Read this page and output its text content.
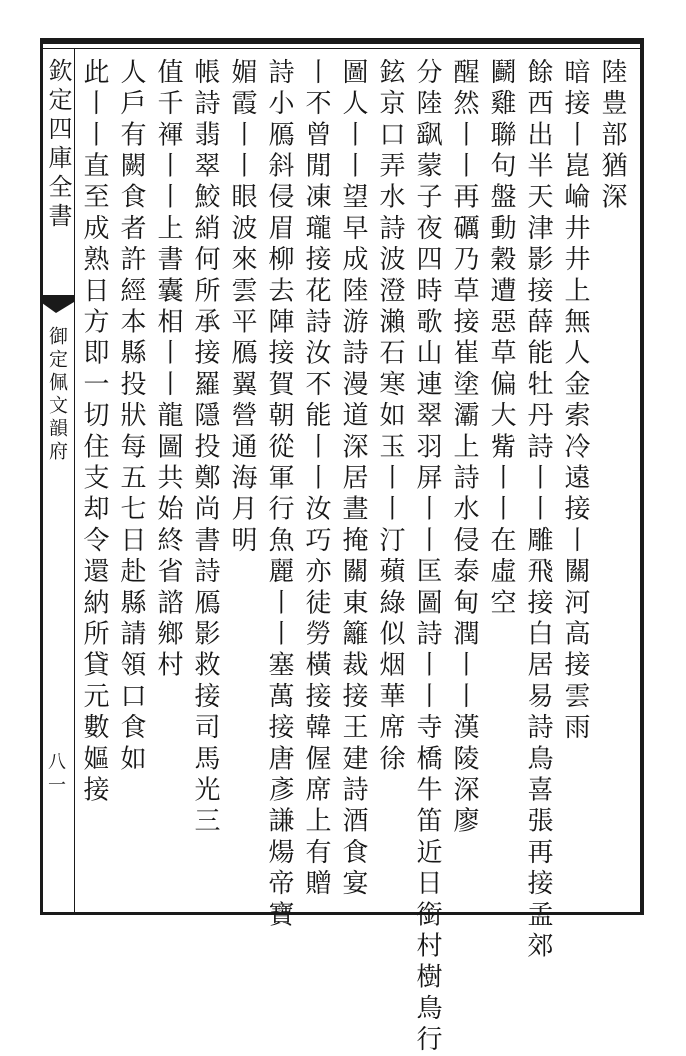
欽定四庫全書
御定佩文韻府
八一
陸豊部猶深
暗接丨崑崘井井上無人金索冷遠接丨關河高接雲雨
餘西出半天津影接薛能牡丹詩丨丨雕飛接白居易詩鳥喜張再接孟郊
鬬雞聯句盤動穀遭惡草偏大觜丨丨在虛空
醒然丨丨再礪乃草接崔塗灞上詩水侵泰甸潤丨丨漢陵深廖
分陸飖蒙子夜四時歌山連翠羽屏丨丨匡圖詩丨丨寺橋牛笛近日銜村樹鳥行
鉉京口弄水詩波澄瀨石寒如玉丨丨汀蘋綠似烟華席徐
圖人丨丨望早成陸游詩漫道深居晝掩關東籬裁接王建詩酒食宴
丨不曾閒凍瓏接花詩汝不能丨丨汝巧亦徒勞橫接韓偓席上有贈
詩小鴈斜侵眉柳去陣接賀朝從軍行魚麗丨丨塞萬接唐彥謙煬帝寶
媚霞丨丨眼波來雲平鴈翼營通海月明
帳詩翡翠鮫綃何所承接羅隱投鄭尚書詩鴈影救接司馬光三
值千褌丨丨上書囊相丨丨龍圖共始終省諮鄉村
人戶有闕食者許經本縣投狀每五七日赴縣請領口食如
此丨丨直至成熟日方即一切住支却令還納所貸元數嫗接
